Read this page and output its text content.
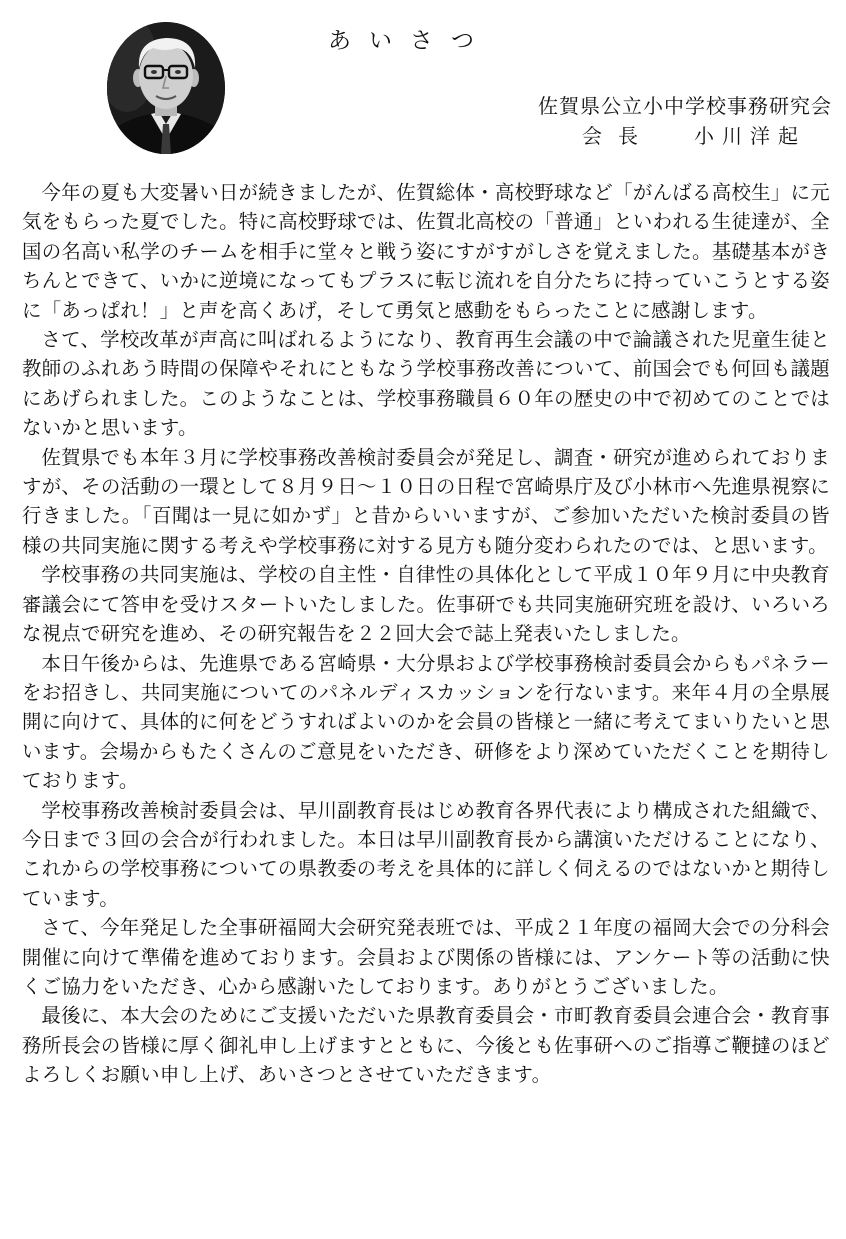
あいさつ
佐賀県公立小中学校事務研究会
会長 小川洋起

今年の夏も大変暑い日が続きましたが、佐賀総体・高校野球など「がんばる高校生」に元気をもらった夏でした。特に高校野球では、佐賀北高校の「普通」といわれる生徒達が、全国の名高い私学のチームを相手に堂々と戦う姿にすがすがしさを覚えました。基礎基本がきちんとできて、いかに逆境になってもプラスに転じ流れを自分たちに持っていこうとする姿に「あっぱれ！」と声を高くあげ，そして勇気と感動をもらったことに感謝します。

さて、学校改革が声高に叫ばれるようになり、教育再生会議の中で論議された児童生徒と教師のふれあう時間の保障やそれにともなう学校事務改善について、前国会でも何回も議題にあげられました。このようなことは、学校事務職員６０年の歴史の中で初めてのことではないかと思います。

佐賀県でも本年３月に学校事務改善検討委員会が発足し、調査・研究が進められておりますが、その活動の一環として８月９日～１０日の日程で宮崎県庁及び小林市へ先進県視察に行きました。「百聞は一見に如かず」と昔からいいますが、ご参加いただいた検討委員の皆様の共同実施に関する考えや学校事務に対する見方も随分変わられたのでは、と思います。

学校事務の共同実施は、学校の自主性・自律性の具体化として平成１０年９月に中央教育審議会にて答申を受けスタートいたしました。佐事研でも共同実施研究班を設け、いろいろな視点で研究を進め、その研究報告を２２回大会で誌上発表いたしました。

本日午後からは、先進県である宮崎県・大分県および学校事務検討委員会からもパネラーをお招きし、共同実施についてのパネルディスカッションを行ないます。来年４月の全県展開に向けて、具体的に何をどうすればよいのかを会員の皆様と一緒に考えてまいりたいと思います。会場からもたくさんのご意見をいただき、研修をより深めていただくことを期待しております。

学校事務改善検討委員会は、早川副教育長はじめ教育各界代表により構成された組織で、今日まで３回の会合が行われました。本日は早川副教育長から講演いただけることになり、これからの学校事務についての県教委の考えを具体的に詳しく伺えるのではないかと期待しています。

さて、今年発足した全事研福岡大会研究発表班では、平成２１年度の福岡大会での分科会開催に向けて準備を進めております。会員および関係の皆様には、アンケート等の活動に快くご協力をいただき、心から感謝いたしております。ありがとうございました。

最後に、本大会のためにご支援いただいた県教育委員会・市町教育委員会連合会・教育事務所長会の皆様に厚く御礼申し上げますとともに、今後とも佐事研へのご指導ご鞭撻のほどよろしくお願い申し上げ、あいさつとさせていただきます。
